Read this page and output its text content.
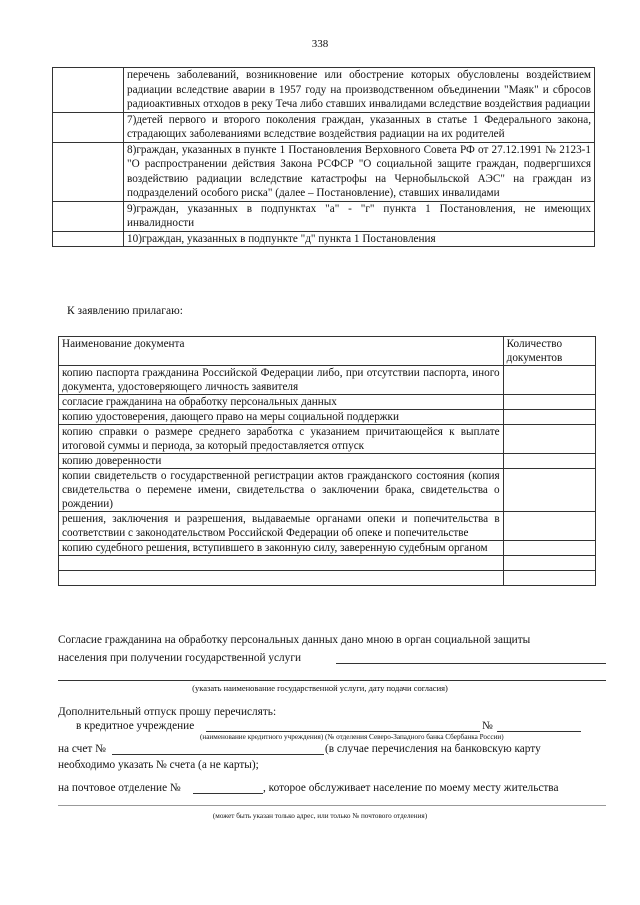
338
	перечень заболеваний, возникновение или обострение которых обусловлены воздействием радиации вследствие аварии в 1957 году на производственном объединении "Маяк" и сбросов радиоактивных отходов в реку Теча либо ставших инвалидами вследствие воздействия радиации
	7)детей первого и второго поколения граждан, указанных в статье 1 Федерального закона, страдающих заболеваниями вследствие воздействия радиации на их родителей
	8)граждан, указанных в пункте 1 Постановления Верховного Совета РФ от 27.12.1991 № 2123-1 "О распространении действия Закона РСФСР "О социальной защите граждан, подвергшихся воздействию радиации вследствие катастрофы на Чернобыльской АЭС" на граждан из подразделений особого риска" (далее – Постановление), ставших инвалидами
	9)граждан, указанных в подпунктах "а" - "г" пункта 1 Постановления, не имеющих инвалидности
	10)граждан, указанных в подпункте "д" пункта 1 Постановления
К заявлению прилагаю:
Наименование документа	Количество документов
копию паспорта гражданина Российской Федерации либо, при отсутствии паспорта, иного документа, удостоверяющего личность заявителя	
согласие гражданина на обработку персональных данных	
копию удостоверения, дающего право на меры социальной поддержки	
копию справки о размере среднего заработка с указанием причитающейся к выплате итоговой суммы и периода, за который предоставляется отпуск	
копию доверенности	
копии свидетельств о государственной регистрации актов гражданского состояния (копия свидетельства о перемене имени, свидетельства о заключении брака, свидетельства о рождении)	
решения, заключения и разрешения, выдаваемые органами опеки и попечительства в соответствии с законодательством Российской Федерации об опеке и попечительстве	
копию судебного решения, вступившего в законную силу, заверенную судебным органом	

Согласие гражданина на обработку персональных данных дано мною в орган социальной защиты
населения при получении государственной услуги
(указать наименование государственной услуги, дату подачи согласия)
Дополнительный отпуск прошу перечислять:
в кредитное учреждение	№
(наименование кредитного учреждения) (№ отделения Северо-Западного банка Сбербанка России)
на счет №	(в случае перечисления на банковскую карту
необходимо указать № счета (а не карты);
на почтовое отделение №	, которое обслуживает население по моему месту жительства
(может быть указан только адрес, или только № почтового отделения)
